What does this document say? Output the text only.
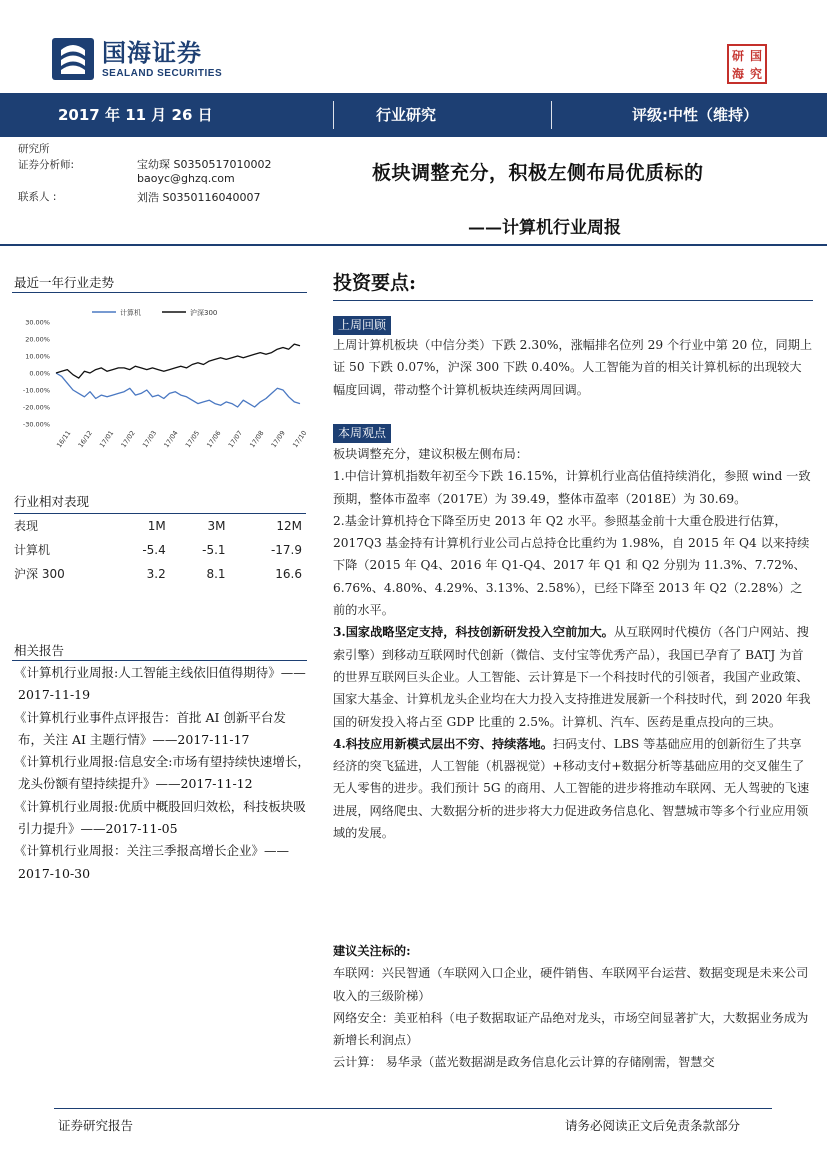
国海证券
SEALAND SECURITIES
研 国
海 究
2017 年 11 月 26 日	行业研究	评级:中性（维持）
研究所
证券分析师:	宝幼琛 S0350517010002
baoyc@ghzq.com
联系人 :	刘浩 S0350116040007
板块调整充分，积极左侧布局优质标的
——计算机行业周报
最近一年行业走势
计算机	沪深300
30.00%
20.00%
10.00%
0.00%
-10.00%
-20.00%
-30.00%
16/11 16/12 17/01 17/02 17/03 17/04 17/05 17/06 17/07 17/08 17/09 17/10
行业相对表现
表现	1M	3M	12M
计算机	-5.4	-5.1	-17.9
沪深 300	3.2	8.1	16.6
相关报告
《计算机行业周报:人工智能主线依旧值得期待》——2017-11-19
《计算机行业事件点评报告：首批 AI 创新平台发布，关注 AI 主题行情》——2017-11-17
《计算机行业周报:信息安全:市场有望持续快速增长，龙头份额有望持续提升》——2017-11-12
《计算机行业周报:优质中概股回归效松，科技板块吸引力提升》——2017-11-05
《计算机行业周报：关注三季报高增长企业》——2017-10-30
投资要点:
上周回顾

上周计算机板块（中信分类）下跌 2.30%，涨幅排名位列 29 个行业中第 20 位，同期上证 50 下跌 0.07%，沪深 300 下跌 0.40%。人工智能为首的相关计算机标的出现较大幅度回调，带动整个计算机板块连续两周回调。

本周观点

板块调整充分，建议积极左侧布局：

1.中信计算机指数年初至今下跌 16.15%，计算机行业高估值持续消化，参照 wind 一致预期，整体市盈率（2017E）为 39.49，整体市盈率（2018E）为 30.69。

2.基金计算机持仓下降至历史 2013 年 Q2 水平。参照基金前十大重仓股进行估算，2017Q3 基金持有计算机行业公司占总持仓比重约为 1.98%，自 2015 年 Q4 以来持续下降（2015 年 Q4、2016 年 Q1-Q4、2017 年 Q1 和 Q2 分别为 11.3%、7.72%、6.76%、4.80%、4.29%、3.13%、2.58%），已经下降至 2013 年 Q2（2.28%）之前的水平。

3.国家战略坚定支持，科技创新研发投入空前加大。从互联网时代模仿（各门户网站、搜索引擎）到移动互联网时代创新（微信、支付宝等优秀产品），我国已孕育了 BATJ 为首的世界互联网巨头企业。人工智能、云计算是下一个科技时代的引领者，我国产业政策、国家大基金、计算机龙头企业均在大力投入支持推进发展新一个科技时代，到 2020 年我国的研发投入将占至 GDP 比重的 2.5%。计算机、汽车、医药是重点投向的三块。

4.科技应用新模式层出不穷、持续落地。扫码支付、LBS 等基础应用的创新衍生了共享经济的突飞猛进，人工智能（机器视觉）+移动支付+数据分析等基础应用的交叉催生了无人零售的进步。我们预计 5G 的商用、人工智能的进步将推动车联网、无人驾驶的飞速进展，网络爬虫、大数据分析的进步将大力促进政务信息化、智慧城市等多个行业应用领域的发展。

建议关注标的:

车联网：兴民智通（车联网入口企业，硬件销售、车联网平台运营、数据变现是未来公司收入的三级阶梯）

网络安全：美亚柏科（电子数据取证产品绝对龙头，市场空间显著扩大，大数据业务成为新增长利润点）

云计算： 易华录（蓝光数据湖是政务信息化云计算的存储刚需，智慧交

证券研究报告	请务必阅读正文后免责条款部分
